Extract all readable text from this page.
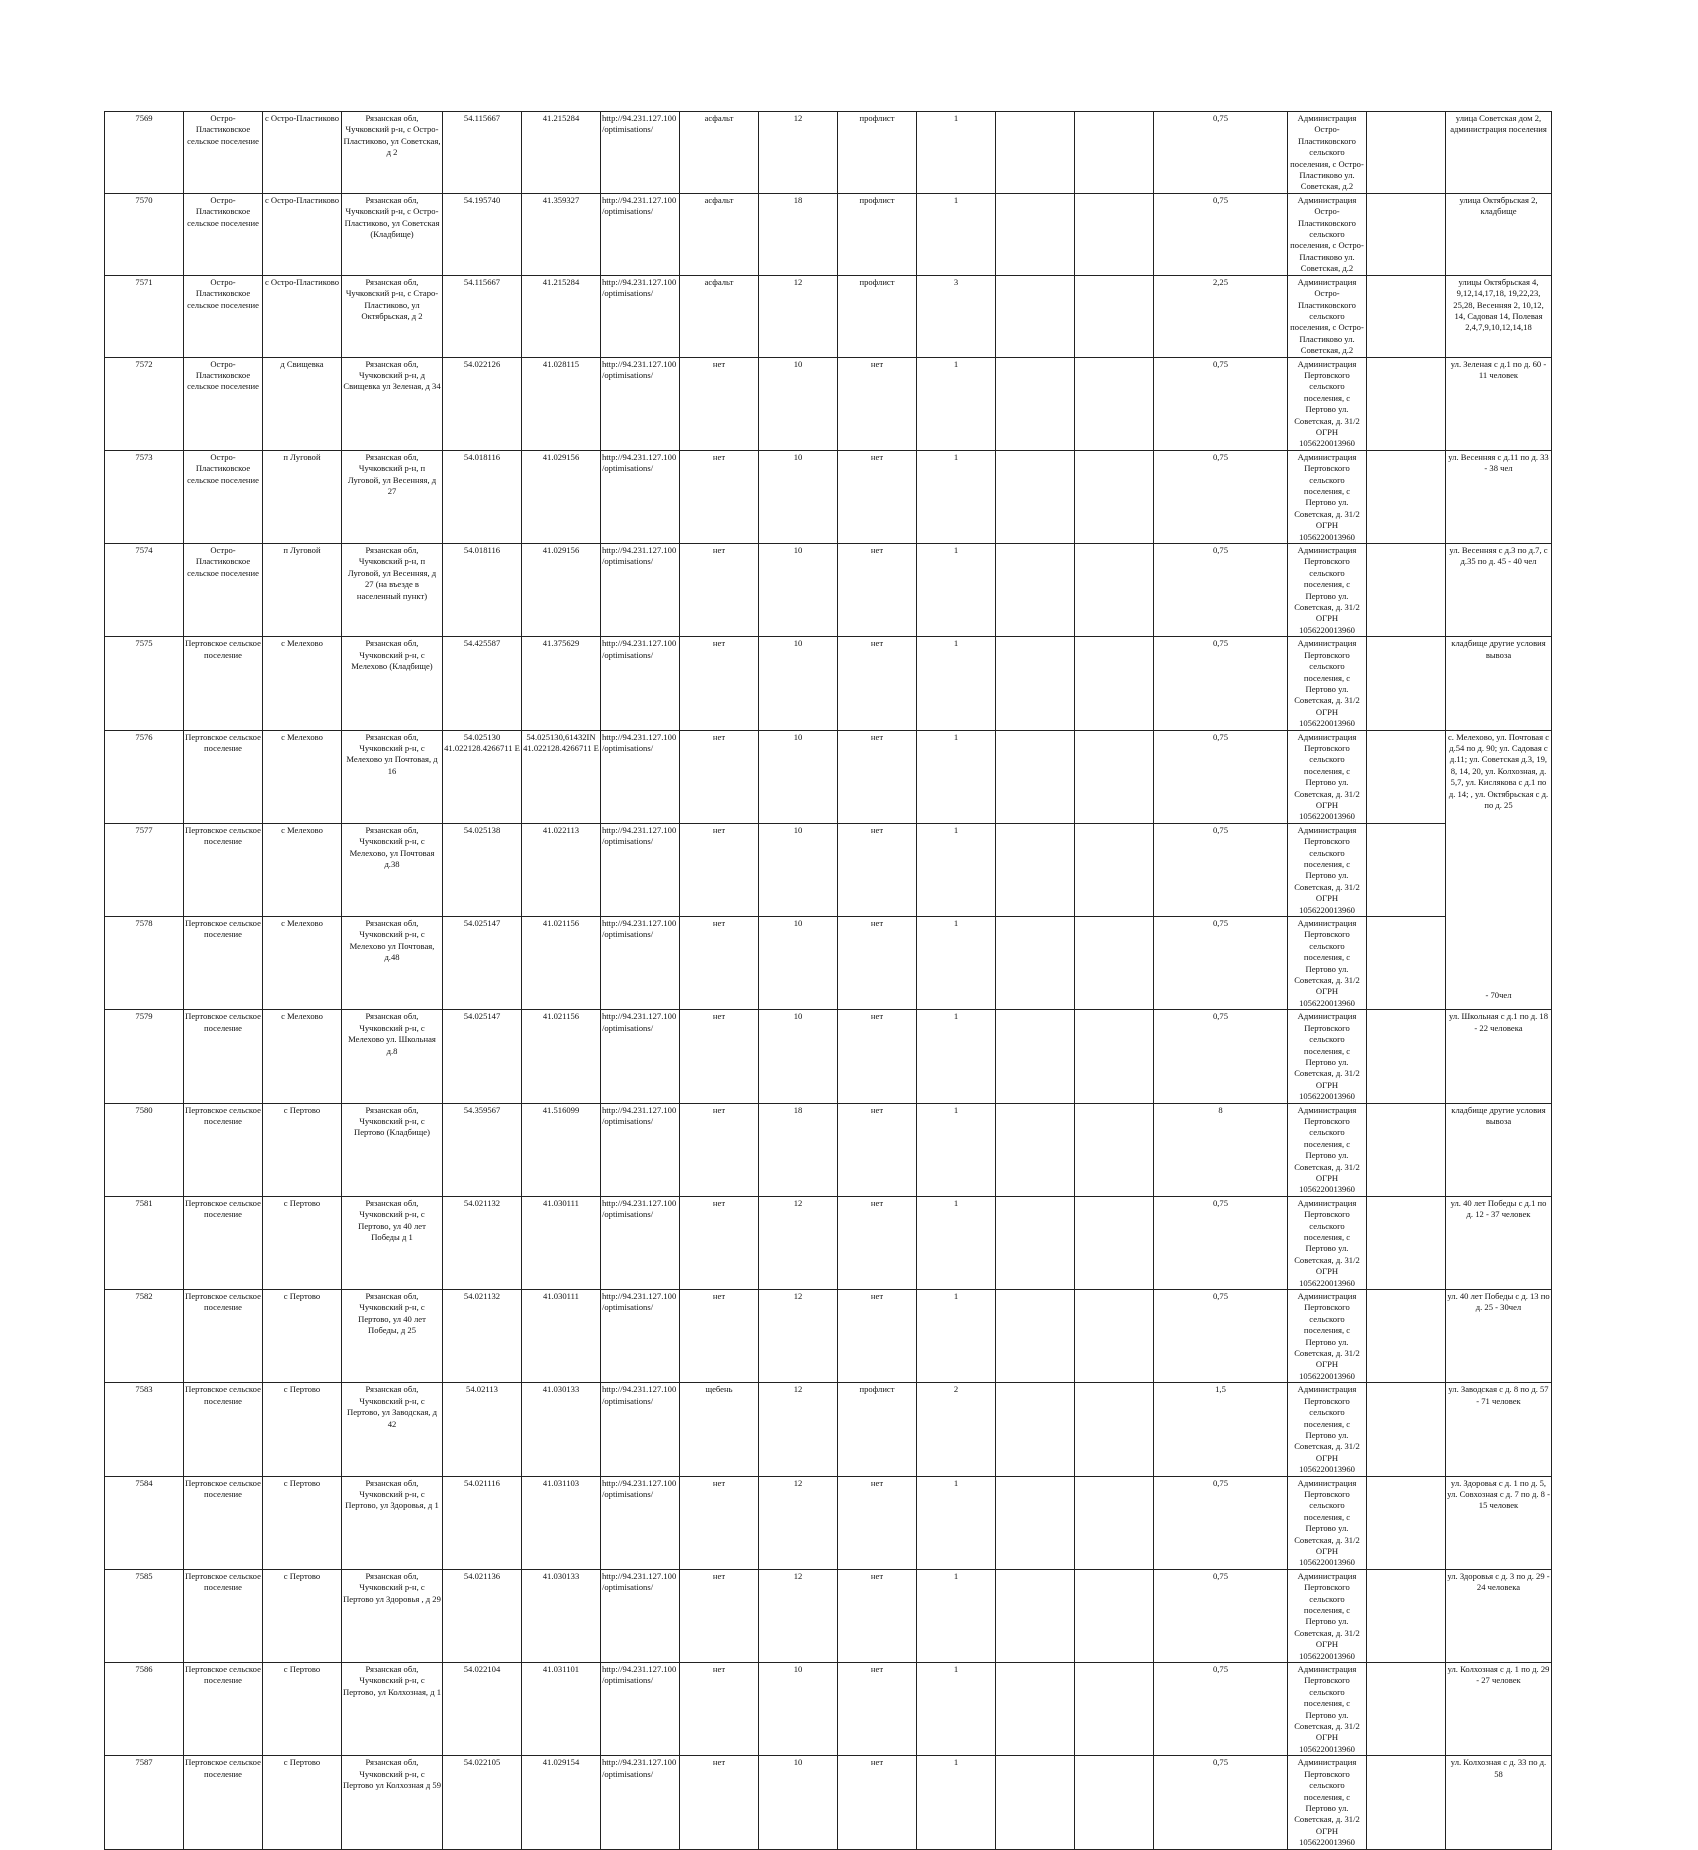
7569	Остро-Пластиковское сельское поселение	с Остро-Пластиково	Рязанская обл, Чучковский р-н, с Остро-Пластиково, ул Советская, д 2	54.115667	41.215284	http://94.231.127.100/optimisations/	асфальт	12	профлист	1			0,75	Администрация Остро-Пластиковского сельского поселения, с Остро-Пластиково ул. Советская, д.2		улица Советская дом 2, администрация поселения
7570	Остро-Пластиковское сельское поселение	с Остро-Пластиково	Рязанская обл, Чучковский р-н, с Остро-Пластиково, ул Советская (Кладбище)	54.195740	41.359327	http://94.231.127.100/optimisations/	асфальт	18	профлист	1			0,75	Администрация Остро-Пластиковского сельского поселения, с Остро-Пластиково ул. Советская, д.2		улица Октябрьская 2, кладбище
7571	Остро-Пластиковское сельское поселение	с Остро-Пластиково	Рязанская обл, Чучковский р-н, с Старо-Пластиково, ул Октябрьская, д 2	54.115667	41.215284	http://94.231.127.100/optimisations/	асфальт	12	профлист	3			2,25	Администрация Остро-Пластиковского сельского поселения, с Остро-Пластиково ул. Советская, д.2		улицы Октябрьская 4, 9,12,14,17,18, 19,22,23, 25,28, Весенняя 2, 10,12, 14, Садовая 14, Полевая 2,4,7,9,10,12,14,18
7572	Остро-Пластиковское сельское поселение	д Свищевка	Рязанская обл, Чучковский р-н, д Свищевка ул Зеленая, д 34	54.022126	41.028115	http://94.231.127.100/optimisations/	нет	10	нет	1			0,75	Администрация Пертовского сельского поселения, с Пертово ул. Советская, д. 31/2 ОГРН 1056220013960		ул. Зеленая с д.1 по д. 60 - 11 человек
7573	Остро-Пластиковское сельское поселение	п Луговой	Рязанская обл, Чучковский р-н, п Луговой, ул Весенняя, д 27	54.018116	41.029156	http://94.231.127.100/optimisations/	нет	10	нет	1			0,75	Администрация Пертовского сельского поселения, с Пертово ул. Советская, д. 31/2 ОГРН 1056220013960		ул. Весенняя с д.11 по д. 33 - 38 чел
7574	Остро-Пластиковское сельское поселение	п Луговой	Рязанская обл, Чучковский р-н, п Луговой, ул Весенняя, д 27 (на въезде в населенный пункт)	54.018116	41.029156	http://94.231.127.100/optimisations/	нет	10	нет	1			0,75	Администрация Пертовского сельского поселения, с Пертово ул. Советская, д. 31/2 ОГРН 1056220013960		ул. Весенняя с д.3 по д.7, с д.35 по д. 45 - 40 чел
7575	Пертовское сельское поселение	с Мелехово	Рязанская обл, Чучковский р-н, с Мелехово (Кладбище)	54.425587	41.375629	http://94.231.127.100/optimisations/	нет	10	нет	1			0,75	Администрация Пертовского сельского поселения, с Пертово ул. Советская, д. 31/2 ОГРН 1056220013960		кладбище другие условия вывоза
7576	Пертовское сельское поселение	с Мелехово	Рязанская обл, Чучковский р-н, с Мелехово ул Почтовая, д 16	54.025130 41.022128.4266711 Е	54.025130,61432IN 41.022128.4266711 Е	http://94.231.127.100/optimisations/	нет	10	нет	1			0,75	Администрация Пертовского сельского поселения, с Пертово ул. Советская, д. 31/2 ОГРН 1056220013960		с. Мелехово, ул. Почтовая с д.54 по д. 90; ул. Садовая с д.11; ул. Советская д.3, 19, 8, 14, 20, ул. Колхозная, д. 5,7, ул. Кислякова с д.1 по д. 14; , ул. Октябрьская с д. по д. 25
7577	Пертовское сельское поселение	с Мелехово	Рязанская обл, Чучковский р-н, с Мелехово, ул Почтовая д.38	54.025138	41.022113	http://94.231.127.100/optimisations/	нет	10	нет	1			0,75	Администрация Пертовского сельского поселения, с Пертово ул. Советская, д. 31/2 ОГРН 1056220013960		
7578	Пертовское сельское поселение	с Мелехово	Рязанская обл, Чучковский р-н, с Мелехово ул Почтовая, д.48	54.025147	41.021156	http://94.231.127.100/optimisations/	нет	10	нет	1			0,75	Администрация Пертовского сельского поселения, с Пертово ул. Советская, д. 31/2 ОГРН 1056220013960		- 70чел
7579	Пертовское сельское поселение	с Мелехово	Рязанская обл, Чучковский р-н, с Мелехово ул. Школьная д.8	54.025147	41.021156	http://94.231.127.100/optimisations/	нет	10	нет	1			0,75	Администрация Пертовского сельского поселения, с Пертово ул. Советская, д. 31/2 ОГРН 1056220013960		ул. Школьная с д.1 по д. 18 - 22 человека
7580	Пертовское сельское поселение	с Пертово	Рязанская обл, Чучковский р-н, с Пертово (Кладбище)	54.359567	41.516099	http://94.231.127.100/optimisations/	нет	18	нет	1			8	Администрация Пертовского сельского поселения, с Пертово ул. Советская, д. 31/2 ОГРН 1056220013960		кладбище другие условия вывоза
7581	Пертовское сельское поселение	с Пертово	Рязанская обл, Чучковский р-н, с Пертово, ул 40 лет Победы д 1	54.021132	41.030111	http://94.231.127.100/optimisations/	нет	12	нет	1			0,75	Администрация Пертовского сельского поселения, с Пертово ул. Советская, д. 31/2 ОГРН 1056220013960		ул. 40 лет Победы с д.1 по д. 12 - 37 человек
7582	Пертовское сельское поселение	с Пертово	Рязанская обл, Чучковский р-н, с Пертово, ул 40 лет Победы, д 25	54.021132	41.030111	http://94.231.127.100/optimisations/	нет	12	нет	1			0,75	Администрация Пертовского сельского поселения, с Пертово ул. Советская, д. 31/2 ОГРН 1056220013960		ул. 40 лет Победы с д. 13 по д. 25 - 30чел
7583	Пертовское сельское поселение	с Пертово	Рязанская обл, Чучковский р-н, с Пертово, ул Заводская, д 42	54.02113	41.030133	http://94.231.127.100/optimisations/	щебень	12	профлист	2			1,5	Администрация Пертовского сельского поселения, с Пертово ул. Советская, д. 31/2 ОГРН 1056220013960		ул. Заводская с д. 8 по д. 57 - 71 человек
7584	Пертовское сельское поселение	с Пертово	Рязанская обл, Чучковский р-н, с Пертово, ул Здоровья, д 1	54.021116	41.031103	http://94.231.127.100/optimisations/	нет	12	нет	1			0,75	Администрация Пертовского сельского поселения, с Пертово ул. Советская, д. 31/2 ОГРН 1056220013960		ул. Здоровья с д. 1 по д. 5, ул. Совхозная с д. 7 по д. 8 - 15 человек
7585	Пертовское сельское поселение	с Пертово	Рязанская обл, Чучковский р-н, с Пертово ул Здоровья , д 29	54.021136	41.030133	http://94.231.127.100/optimisations/	нет	12	нет	1			0,75	Администрация Пертовского сельского поселения, с Пертово ул. Советская, д. 31/2 ОГРН 1056220013960		ул. Здоровья с д. 3 по д. 29 - 24 человека
7586	Пертовское сельское поселение	с Пертово	Рязанская обл, Чучковский р-н, с Пертово, ул Колхозная, д 1	54.022104	41.031101	http://94.231.127.100/optimisations/	нет	10	нет	1			0,75	Администрация Пертовского сельского поселения, с Пертово ул. Советская, д. 31/2 ОГРН 1056220013960		ул. Колхозная с д. 1 по д. 29 - 27 человек
7587	Пертовское сельское поселение	с Пертово	Рязанская обл, Чучковский р-н, с Пертово ул Колхозная д 59	54.022105	41.029154	http://94.231.127.100/optimisations/	нет	10	нет	1			0,75	Администрация Пертовского сельского поселения, с Пертово ул. Советская, д. 31/2 ОГРН 1056220013960		ул. Колхозная с д. 33 по д. 58
